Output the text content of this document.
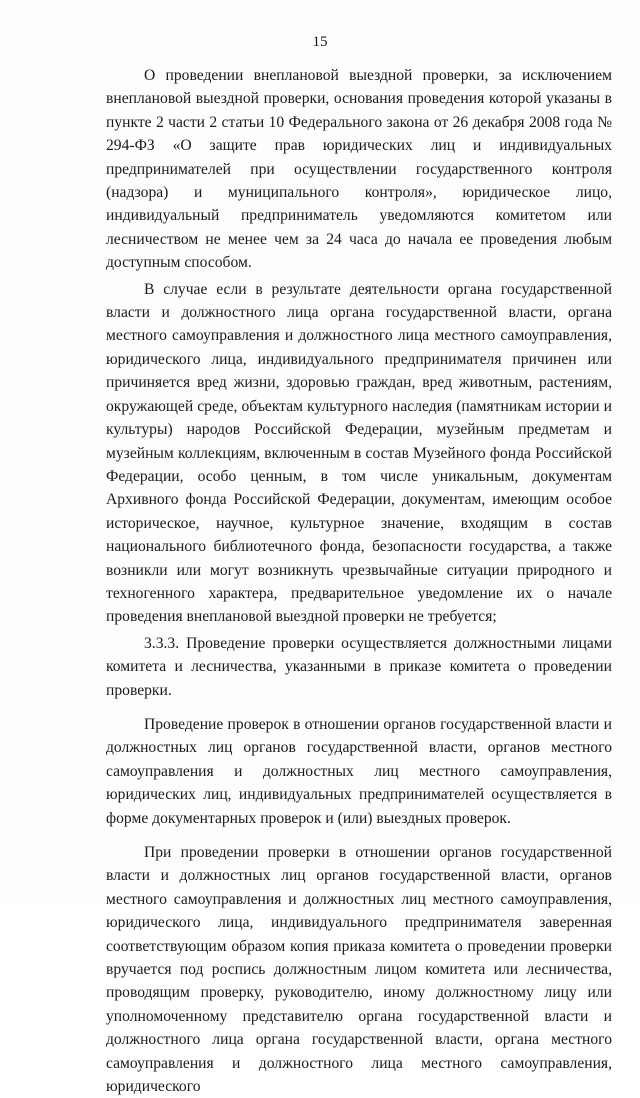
15

О проведении внеплановой выездной проверки, за исключением внеплановой выездной проверки, основания проведения которой указаны в пункте 2 части 2 статьи 10 Федерального закона от 26 декабря 2008 года № 294-ФЗ «О защите прав юридических лиц и индивидуальных предпринимателей при осуществлении государственного контроля (надзора) и муниципального контроля», юридическое лицо, индивидуальный предприниматель уведомляются комитетом или лесничеством не менее чем за 24 часа до начала ее проведения любым доступным способом.

В случае если в результате деятельности органа государственной власти и должностного лица органа государственной власти, органа местного самоуправления и должностного лица местного самоуправления, юридического лица, индивидуального предпринимателя причинен или причиняется вред жизни, здоровью граждан, вред животным, растениям, окружающей среде, объектам культурного наследия (памятникам истории и культуры) народов Российской Федерации, музейным предметам и музейным коллекциям, включенным в состав Музейного фонда Российской Федерации, особо ценным, в том числе уникальным, документам Архивного фонда Российской Федерации, документам, имеющим особое историческое, научное, культурное значение, входящим в состав национального библиотечного фонда, безопасности государства, а также возникли или могут возникнуть чрезвычайные ситуации природного и техногенного характера, предварительное уведомление их о начале проведения внеплановой выездной проверки не требуется;

3.3.3. Проведение проверки осуществляется должностными лицами комитета и лесничества, указанными в приказе комитета о проведении проверки.

Проведение проверок в отношении органов государственной власти и должностных лиц органов государственной власти, органов местного самоуправления и должностных лиц местного самоуправления, юридических лиц, индивидуальных предпринимателей осуществляется в форме документарных проверок и (или) выездных проверок.

При проведении проверки в отношении органов государственной власти и должностных лиц органов государственной власти, органов местного самоуправления и должностных лиц местного самоуправления, юридического лица, индивидуального предпринимателя заверенная соответствующим образом копия приказа комитета о проведении проверки вручается под роспись должностным лицом комитета или лесничества, проводящим проверку, руководителю, иному должностному лицу или уполномоченному представителю органа государственной власти и должностного лица органа государственной власти, органа местного самоуправления и должностного лица местного самоуправления, юридического
